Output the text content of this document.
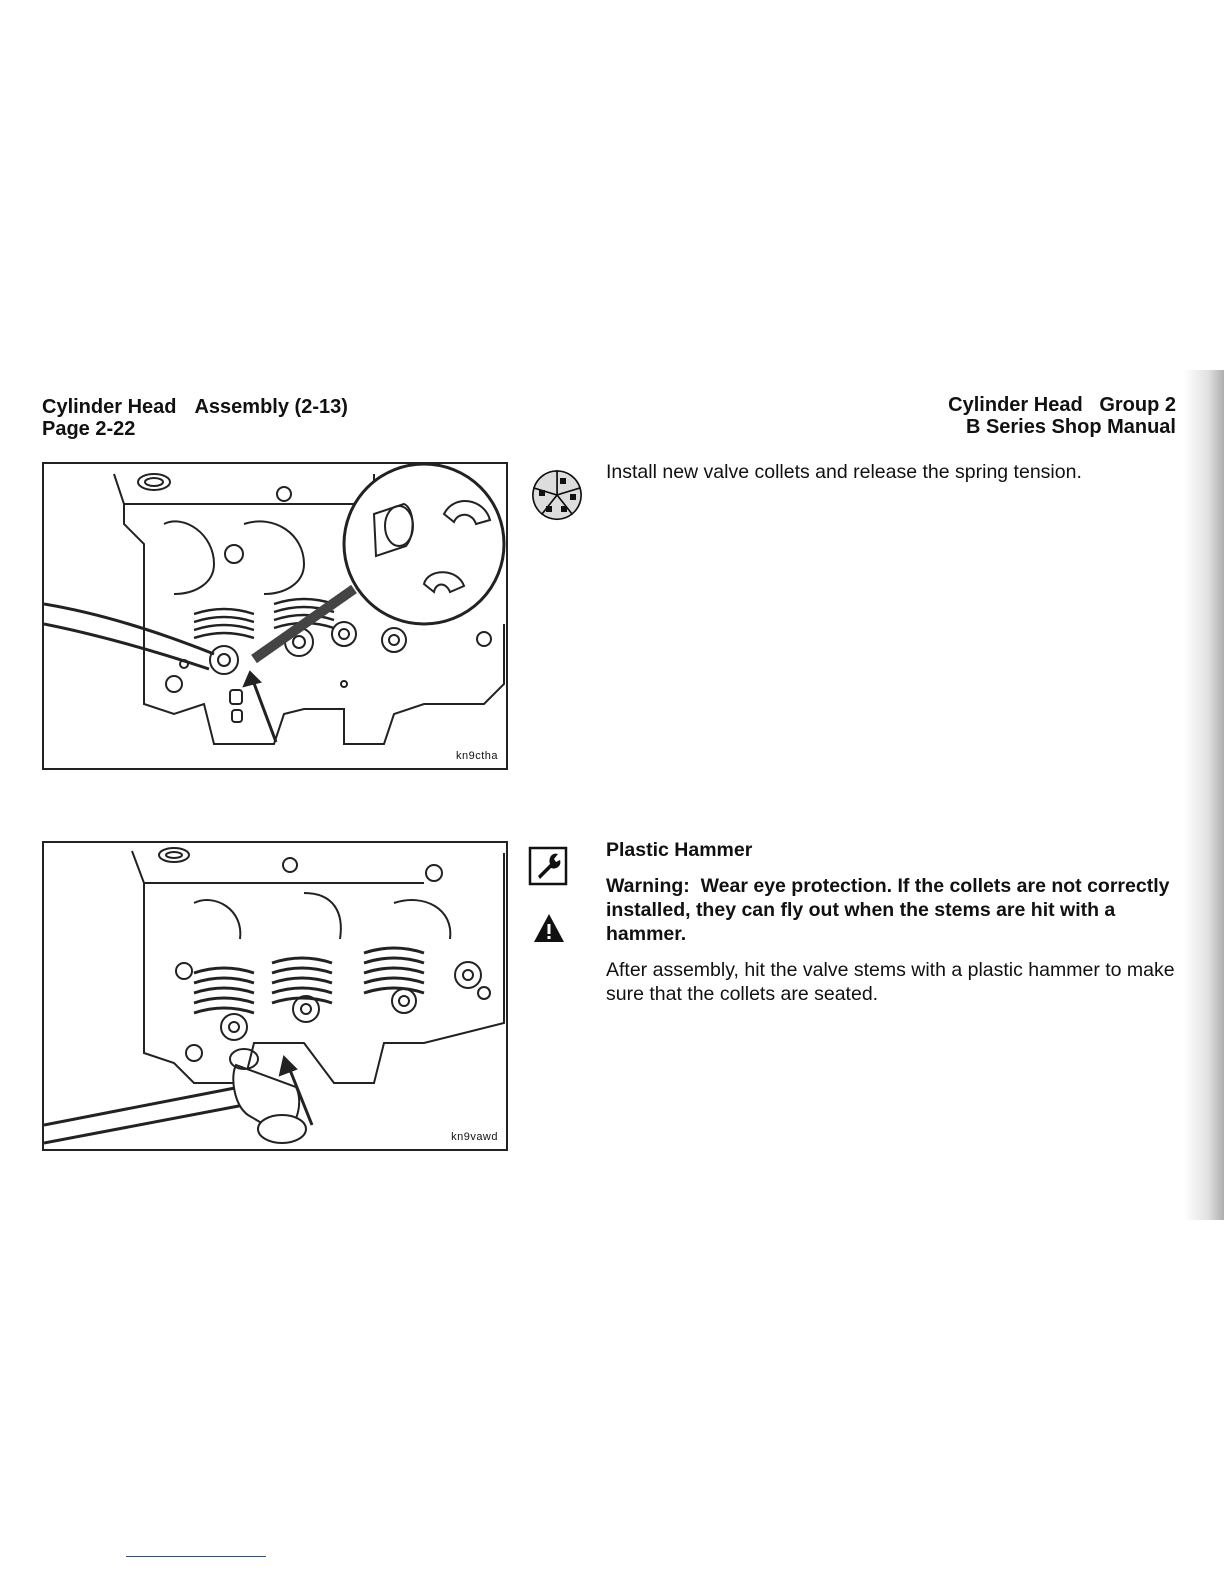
Cylinder Head Assembly (2-13)
Page 2-22
Cylinder Head   Group 2
B Series Shop Manual
kn9ctha
kn9vawd
Install new valve collets and release the spring tension.
Plastic Hammer
Warning:  Wear eye protection. If the collets are not correctly installed, they can fly out when the stems are hit with a hammer.
After assembly, hit the valve stems with a plastic hammer to make sure that the collets are seated.
